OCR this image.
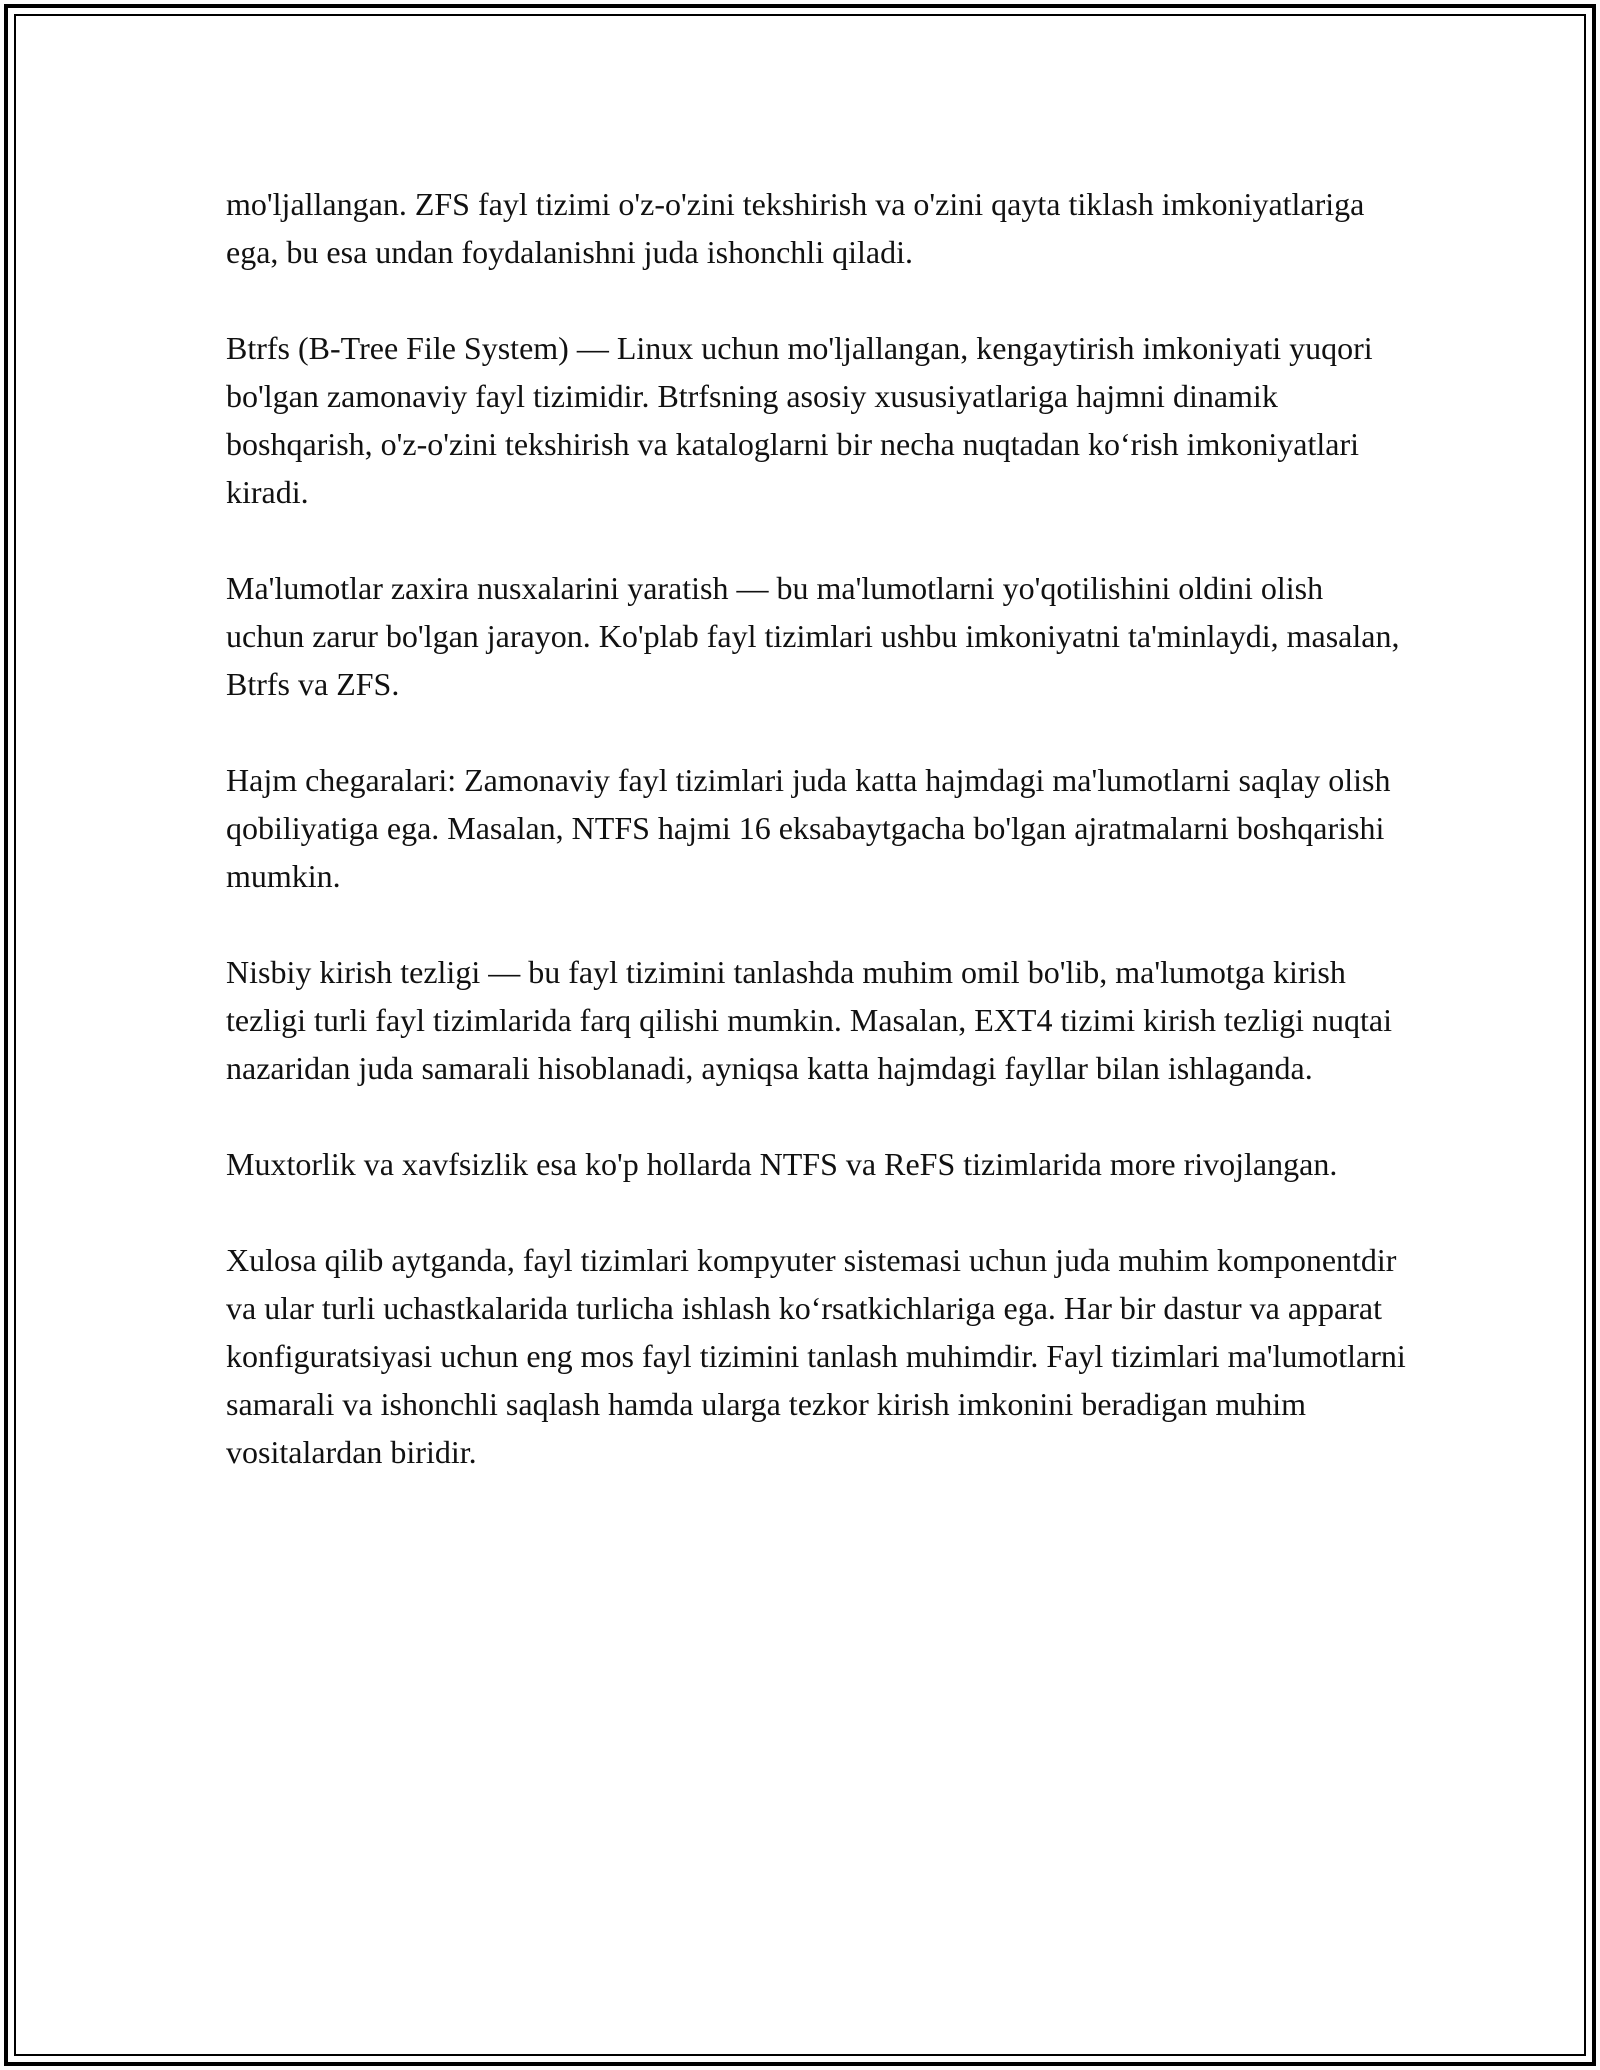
mo'ljallangan. ZFS fayl tizimi o'z-o'zini tekshirish va o'zini qayta tiklash imkoniyatlariga ega, bu esa undan foydalanishni juda ishonchli qiladi.

Btrfs (B-Tree File System) — Linux uchun mo'ljallangan, kengaytirish imkoniyati yuqori bo'lgan zamonaviy fayl tizimidir. Btrfsning asosiy xususiyatlariga hajmni dinamik boshqarish, o'z-o'zini tekshirish va kataloglarni bir necha nuqtadan koʻrish imkoniyatlari kiradi.

Ma'lumotlar zaxira nusxalarini yaratish — bu ma'lumotlarni yo'qotilishini oldini olish uchun zarur bo'lgan jarayon. Ko'plab fayl tizimlari ushbu imkoniyatni ta'minlaydi, masalan, Btrfs va ZFS.

Hajm chegaralari: Zamonaviy fayl tizimlari juda katta hajmdagi ma'lumotlarni saqlay olish qobiliyatiga ega. Masalan, NTFS hajmi 16 eksabaytgacha bo'lgan ajratmalarni boshqarishi mumkin.

Nisbiy kirish tezligi — bu fayl tizimini tanlashda muhim omil bo'lib, ma'lumotga kirish tezligi turli fayl tizimlarida farq qilishi mumkin. Masalan, EXT4 tizimi kirish tezligi nuqtai nazaridan juda samarali hisoblanadi, ayniqsa katta hajmdagi fayllar bilan ishlaganda.

Muxtorlik va xavfsizlik esa ko'p hollarda NTFS va ReFS tizimlarida more rivojlangan.

Xulosa qilib aytganda, fayl tizimlari kompyuter sistemasi uchun juda muhim komponentdir va ular turli uchastkalarida turlicha ishlash koʻrsatkichlariga ega. Har bir dastur va apparat konfiguratsiyasi uchun eng mos fayl tizimini tanlash muhimdir. Fayl tizimlari ma'lumotlarni samarali va ishonchli saqlash hamda ularga tezkor kirish imkonini beradigan muhim vositalardan biridir.
